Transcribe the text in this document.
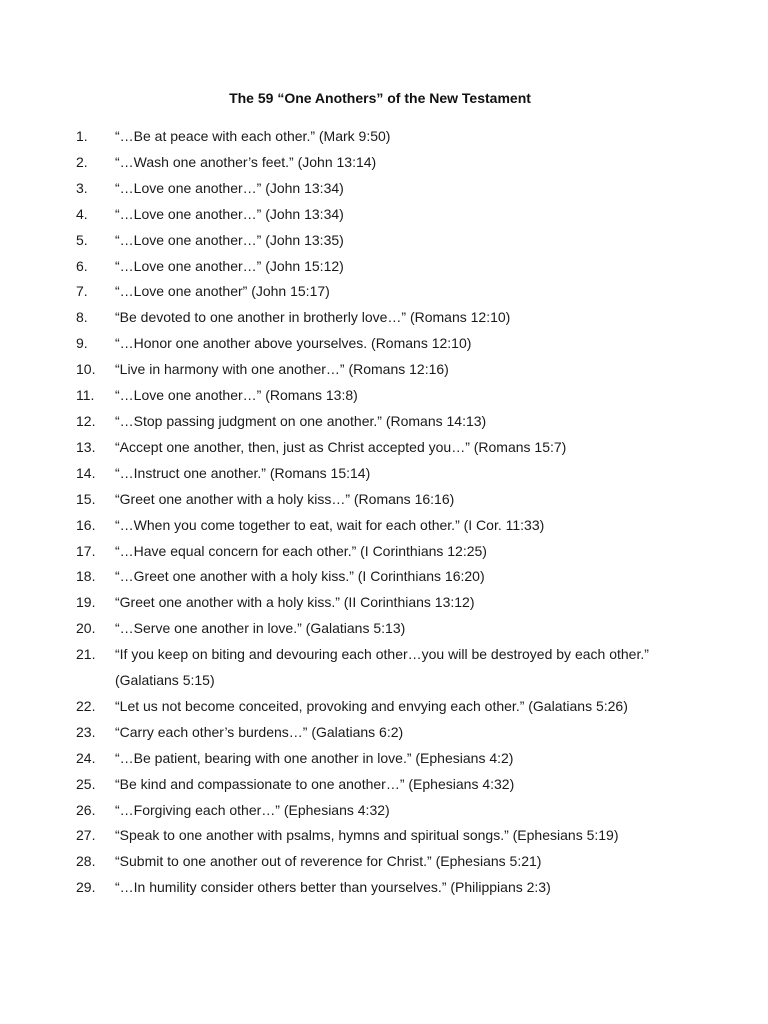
The 59 “One Anothers” of the New Testament
1. “…Be at peace with each other.” (Mark 9:50)
2. “…Wash one another’s feet.” (John 13:14)
3. “…Love one another…” (John 13:34)
4. “…Love one another…” (John 13:34)
5. “…Love one another…” (John 13:35)
6. “…Love one another…” (John 15:12)
7. “…Love one another” (John 15:17)
8. “Be devoted to one another in brotherly love…” (Romans 12:10)
9. “…Honor one another above yourselves. (Romans 12:10)
10. “Live in harmony with one another…” (Romans 12:16)
11. “…Love one another…” (Romans 13:8)
12. “…Stop passing judgment on one another.” (Romans 14:13)
13. “Accept one another, then, just as Christ accepted you…” (Romans 15:7)
14. “…Instruct one another.” (Romans 15:14)
15. “Greet one another with a holy kiss…” (Romans 16:16)
16. “…When you come together to eat, wait for each other.” (I Cor. 11:33)
17. “…Have equal concern for each other.” (I Corinthians 12:25)
18. “…Greet one another with a holy kiss.” (I Corinthians 16:20)
19. “Greet one another with a holy kiss.” (II Corinthians 13:12)
20. “…Serve one another in love.” (Galatians 5:13)
21. “If you keep on biting and devouring each other…you will be destroyed by each other.” (Galatians 5:15)
22. “Let us not become conceited, provoking and envying each other.” (Galatians 5:26)
23. “Carry each other’s burdens…” (Galatians 6:2)
24. “…Be patient, bearing with one another in love.” (Ephesians 4:2)
25. “Be kind and compassionate to one another…” (Ephesians 4:32)
26. “…Forgiving each other…” (Ephesians 4:32)
27. “Speak to one another with psalms, hymns and spiritual songs.” (Ephesians 5:19)
28. “Submit to one another out of reverence for Christ.” (Ephesians 5:21)
29. “…In humility consider others better than yourselves.” (Philippians 2:3)
